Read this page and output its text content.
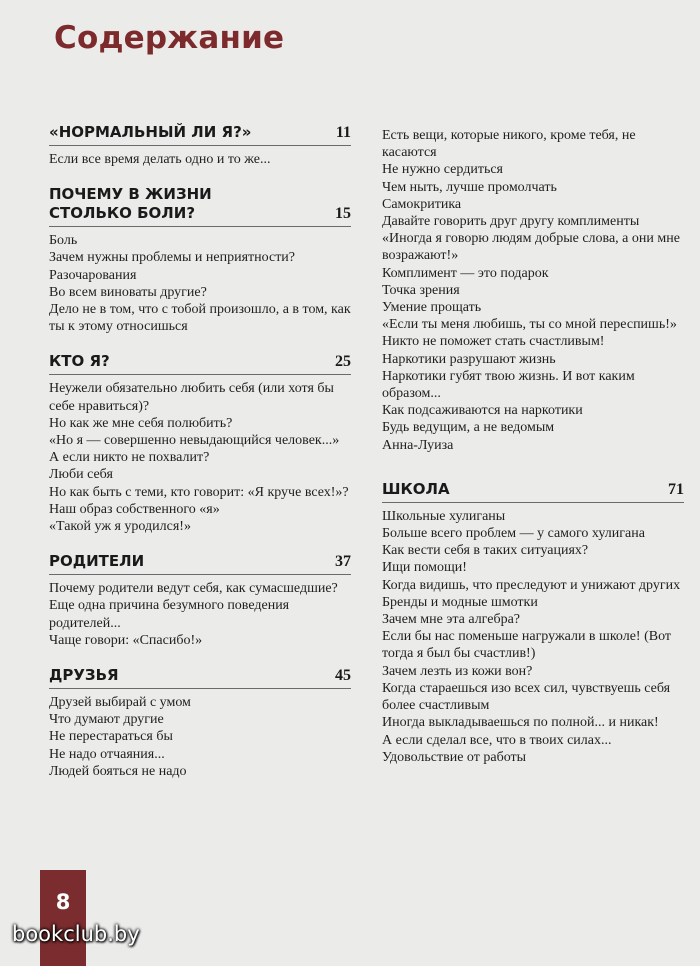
Содержание
«НОРМАЛЬНЫЙ ЛИ Я?»	11

Если все время делать одно и то же...

ПОЧЕМУ В ЖИЗНИ СТОЛЬКО БОЛИ?	15

Боль

Зачем нужны проблемы и неприятности?

Разочарования

Во всем виноваты другие?

Дело не в том, что с тобой произошло, а в том, как ты к этому относишься

КТО Я?	25

Неужели обязательно любить себя (или хотя бы себе нравиться)?

Но как же мне себя полюбить?

«Но я — совершенно невыдающийся человек...»

А если никто не похвалит?

Люби себя

Но как быть с теми, кто говорит: «Я круче всех!»?

Наш образ собственного «я»

«Такой уж я уродился!»

РОДИТЕЛИ	37

Почему родители ведут себя, как сумасшедшие?

Еще одна причина безумного поведения родителей...

Чаще говори: «Спасибо!»

ДРУЗЬЯ	45

Друзей выбирай с умом

Что думают другие

Не перестараться бы

Не надо отчаяния...

Людей бояться не надо

Есть вещи, которые никого, кроме тебя, не касаются

Не нужно сердиться

Чем ныть, лучше промолчать

Самокритика

Давайте говорить друг другу комплименты

«Иногда я говорю людям добрые слова, а они мне возражают!»

Комплимент — это подарок

Точка зрения

Умение прощать

«Если ты меня любишь, ты со мной переспишь!»

Никто не поможет стать счастливым!

Наркотики разрушают жизнь

Наркотики губят твою жизнь. И вот каким образом...

Как подсаживаются на наркотики

Будь ведущим, а не ведомым

Анна-Луиза

ШКОЛА	71

Школьные хулиганы

Больше всего проблем — у самого хулигана

Как вести себя в таких ситуациях?

Ищи помощи!

Когда видишь, что преследуют и унижают других

Бренды и модные шмотки

Зачем мне эта алгебра?

Если бы нас поменьше нагружали в школе! (Вот тогда я был бы счастлив!)

Зачем лезть из кожи вон?

Когда стараешься изо всех сил, чувствуешь себя более счастливым

Иногда выкладываешься по полной... и никак!

А если сделал все, что в твоих силах...

Удовольствие от работы

8
bookclub.by
